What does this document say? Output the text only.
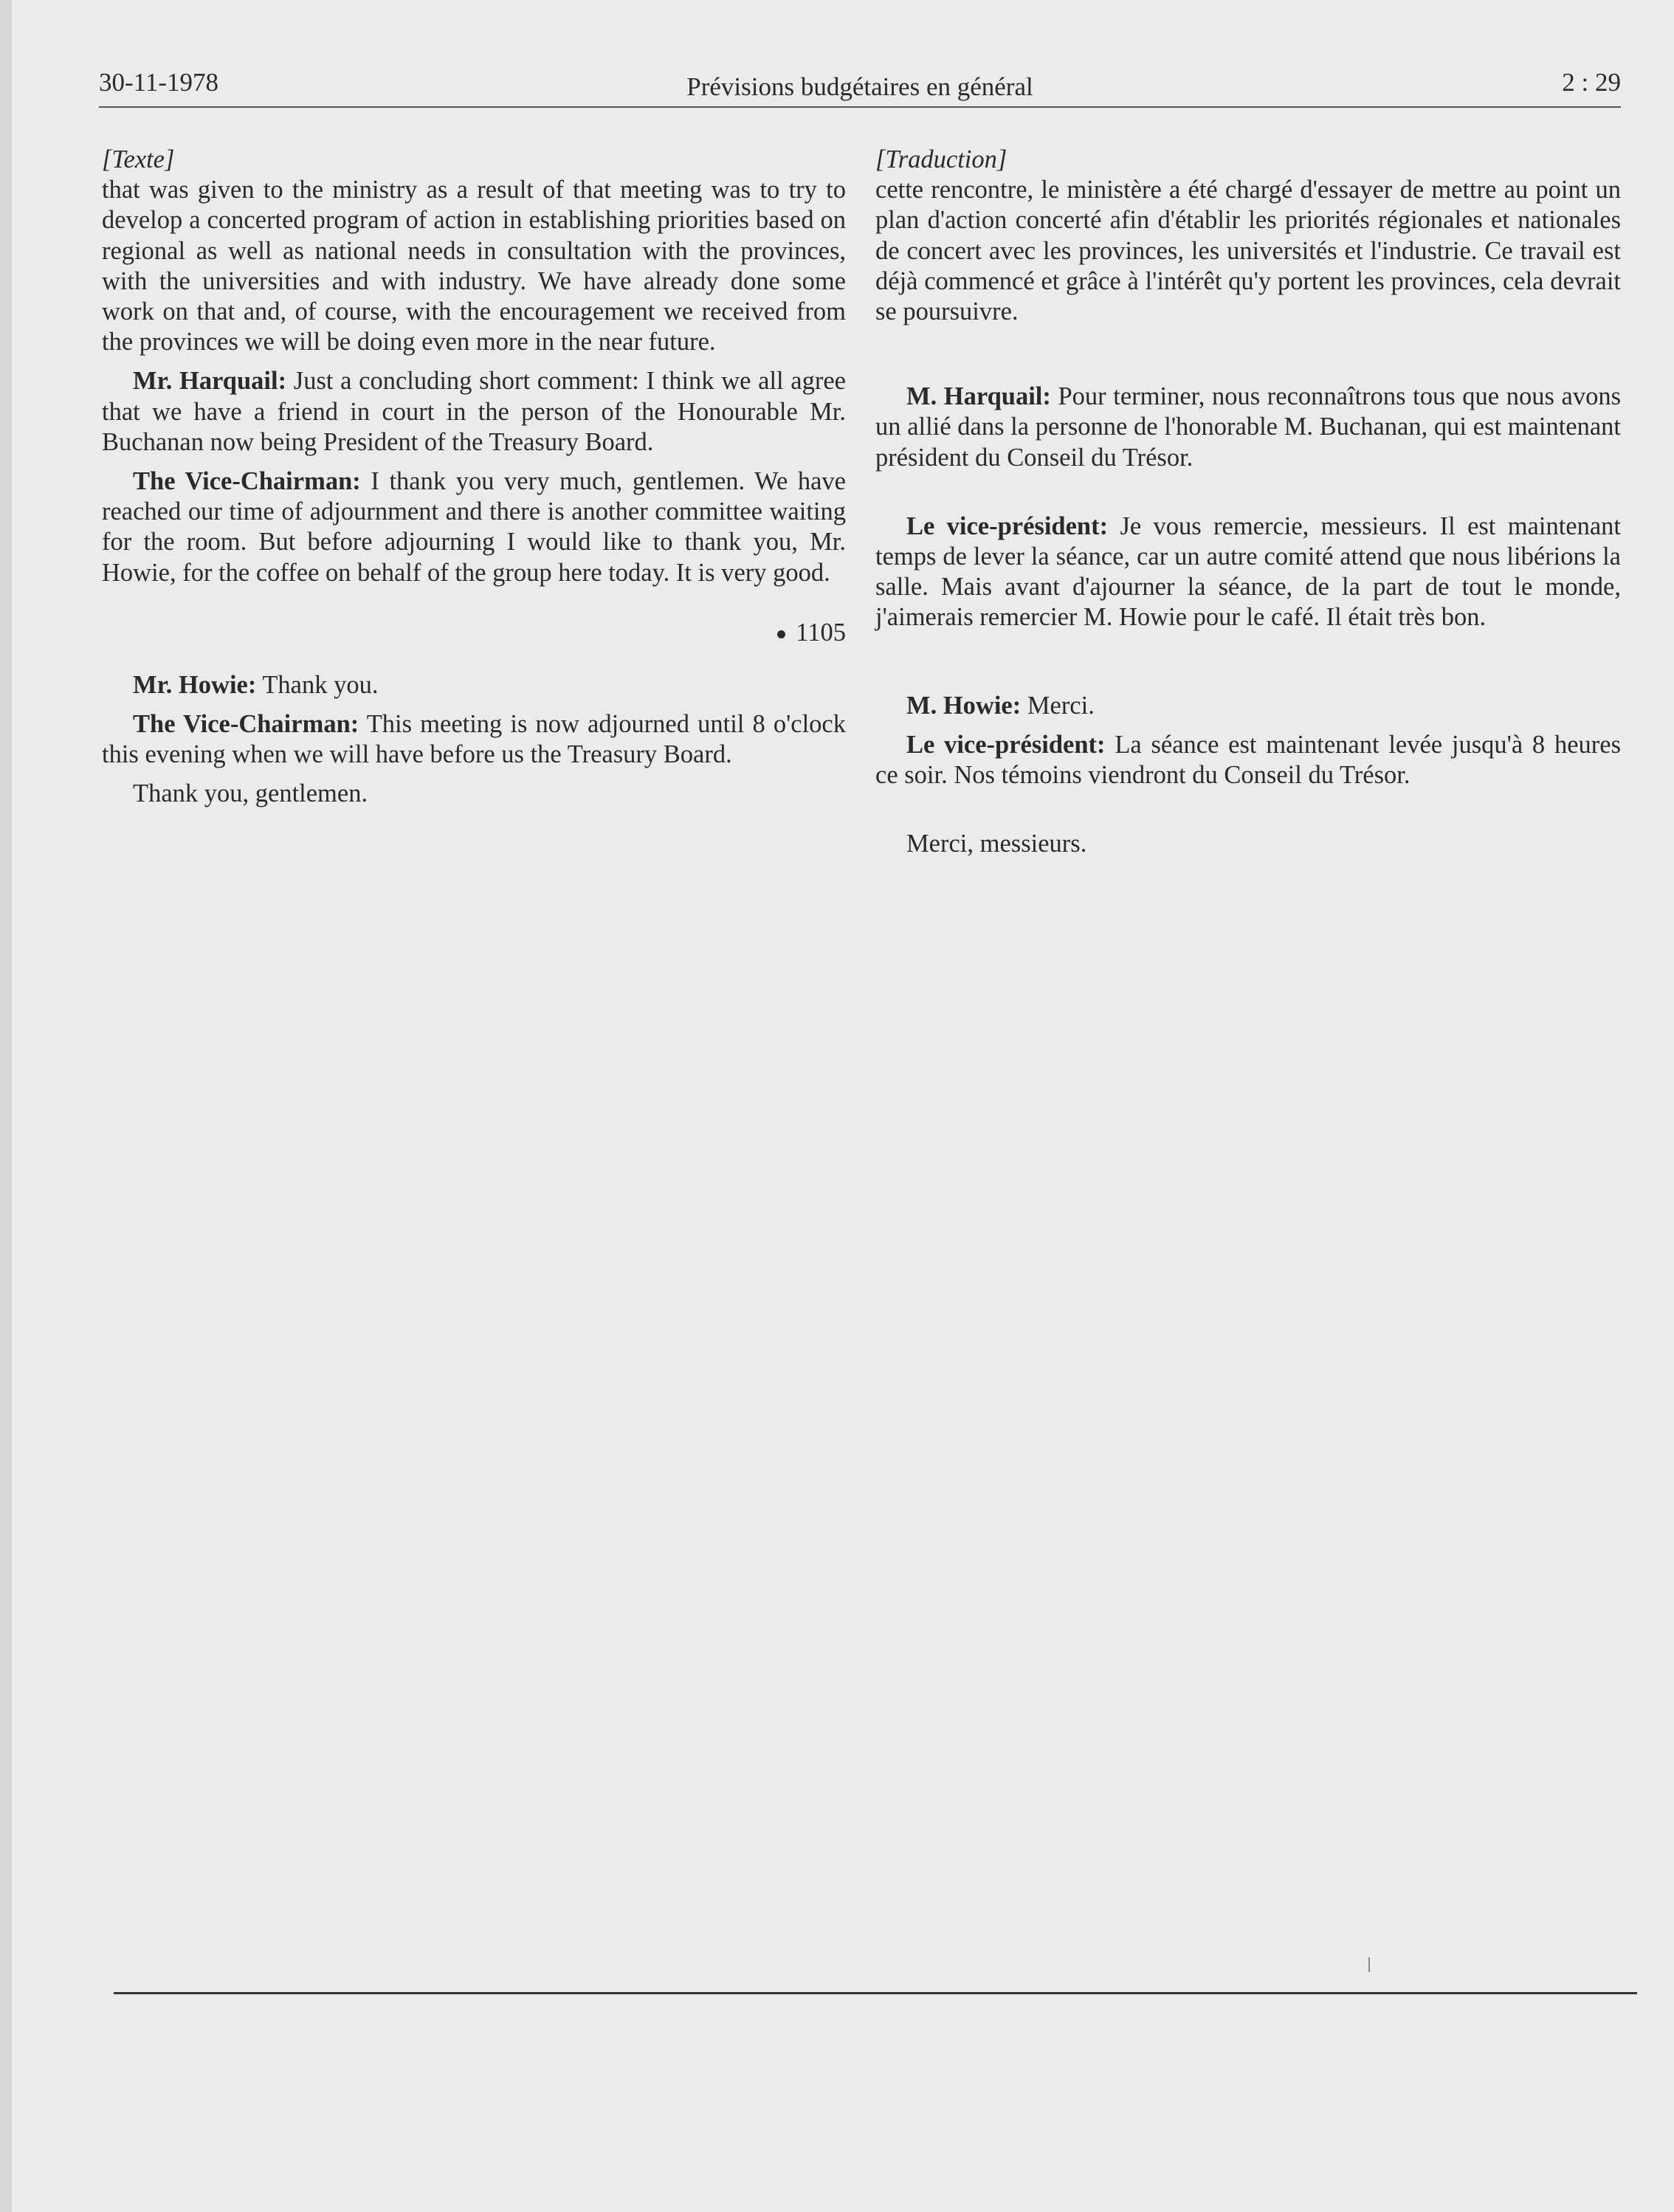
30-11-1978	Prévisions budgétaires en général	2 : 29
[Texte]

that was given to the ministry as a result of that meeting was to try to develop a concerted program of action in establishing priorities based on regional as well as national needs in consultation with the provinces, with the universities and with industry. We have already done some work on that and, of course, with the encouragement we received from the provinces we will be doing even more in the near future.

Mr. Harquail: Just a concluding short comment: I think we all agree that we have a friend in court in the person of the Honourable Mr. Buchanan now being President of the Treasury Board.

The Vice-Chairman: I thank you very much, gentlemen. We have reached our time of adjournment and there is another committee waiting for the room. But before adjourning I would like to thank you, Mr. Howie, for the coffee on behalf of the group here today. It is very good.

1105

Mr. Howie: Thank you.

The Vice-Chairman: This meeting is now adjourned until 8 o'clock this evening when we will have before us the Treasury Board.

Thank you, gentlemen.

[Traduction]

cette rencontre, le ministère a été chargé d'essayer de mettre au point un plan d'action concerté afin d'établir les priorités régionales et nationales de concert avec les provinces, les universités et l'industrie. Ce travail est déjà commencé et grâce à l'intérêt qu'y portent les provinces, cela devrait se poursuivre.

M. Harquail: Pour terminer, nous reconnaîtrons tous que nous avons un allié dans la personne de l'honorable M. Buchanan, qui est maintenant président du Conseil du Trésor.

Le vice-président: Je vous remercie, messieurs. Il est maintenant temps de lever la séance, car un autre comité attend que nous libérions la salle. Mais avant d'ajourner la séance, de la part de tout le monde, j'aimerais remercier M. Howie pour le café. Il était très bon.

M. Howie: Merci.

Le vice-président: La séance est maintenant levée jusqu'à 8 heures ce soir. Nos témoins viendront du Conseil du Trésor.

Merci, messieurs.
